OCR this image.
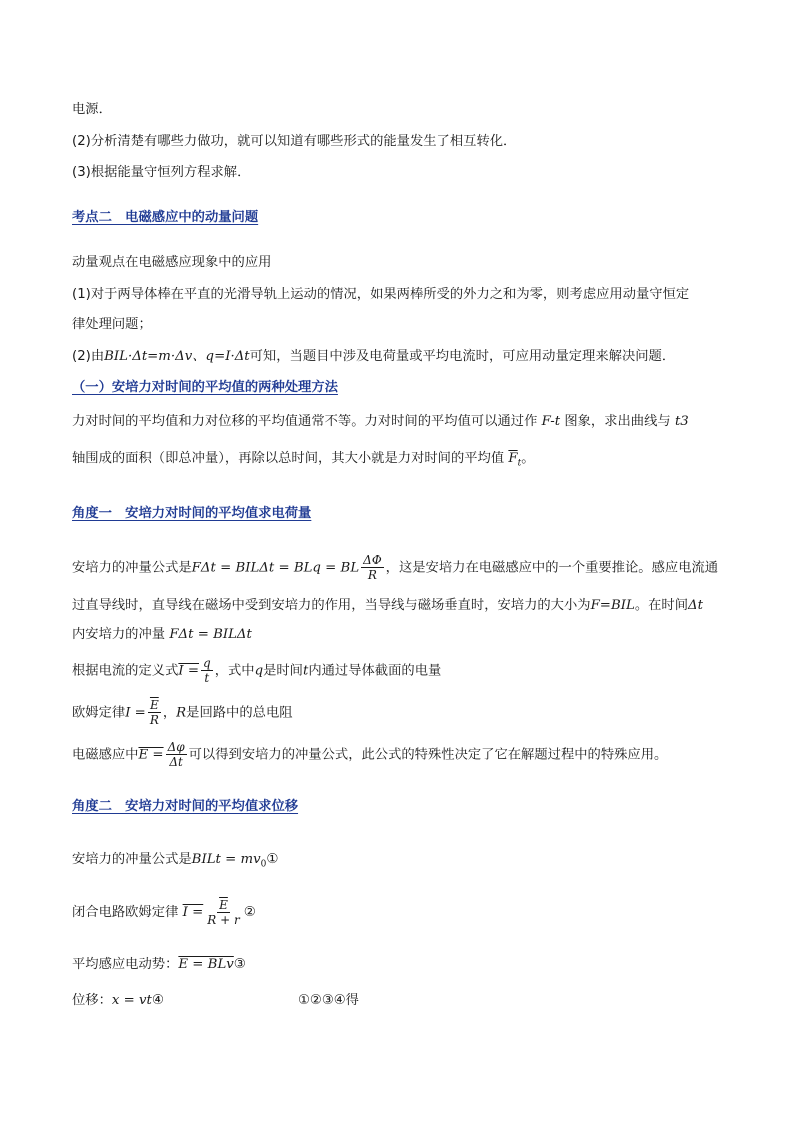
电源．
(2)分析清楚有哪些力做功，就可以知道有哪些形式的能量发生了相互转化．
(3)根据能量守恒列方程求解．
考点二　电磁感应中的动量问题
动量观点在电磁感应现象中的应用
(1)对于两导体棒在平直的光滑导轨上运动的情况，如果两棒所受的外力之和为零，则考虑应用动量守恒定
律处理问题；
(2)由BIL·Δt=m·Δv、q=I·Δt可知，当题目中涉及电荷量或平均电流时，可应用动量定理来解决问题．
（一）安培力对时间的平均值的两种处理方法
力对时间的平均值和力对位移的平均值通常不等。力对时间的平均值可以通过作 F-t 图象，求出曲线与 t3
轴围成的面积（即总冲量），再除以总时间，其大小就是力对时间的平均值 $\overline{F}_t$。
角度一　安培力对时间的平均值求电荷量
安培力的冲量公式是FΔt = BILΔt = BLq = BL $\frac{\Delta\Phi}{R}$ ，这是安培力在电磁感应中的一个重要推论。感应电流通
过直导线时，直导线在磁场中受到安培力的作用，当导线与磁场垂直时，安培力的大小为F=BIL。在时间Δt
内安培力的冲量 FΔt = BILΔt
根据电流的定义式$I = \frac{q}{t}$ ，式中q是时间t内通过导体截面的电量
欧姆定律$I = \frac{\overline{E}}{R}$ ，R是回路中的总电阻
电磁感应中$E = \frac{\Delta\varphi}{\Delta t}$ 可以得到安培力的冲量公式，此公式的特殊性决定了它在解题过程中的特殊应用。
角度二　安培力对时间的平均值求位移
安培力的冲量公式是BILt = $mv_0①$
闭合电路欧姆定律 $I = \frac{\overline{E}}{R + r}$ ②
平均感应电动势：E = BLv③
位移：x = vt④	①②③④得
